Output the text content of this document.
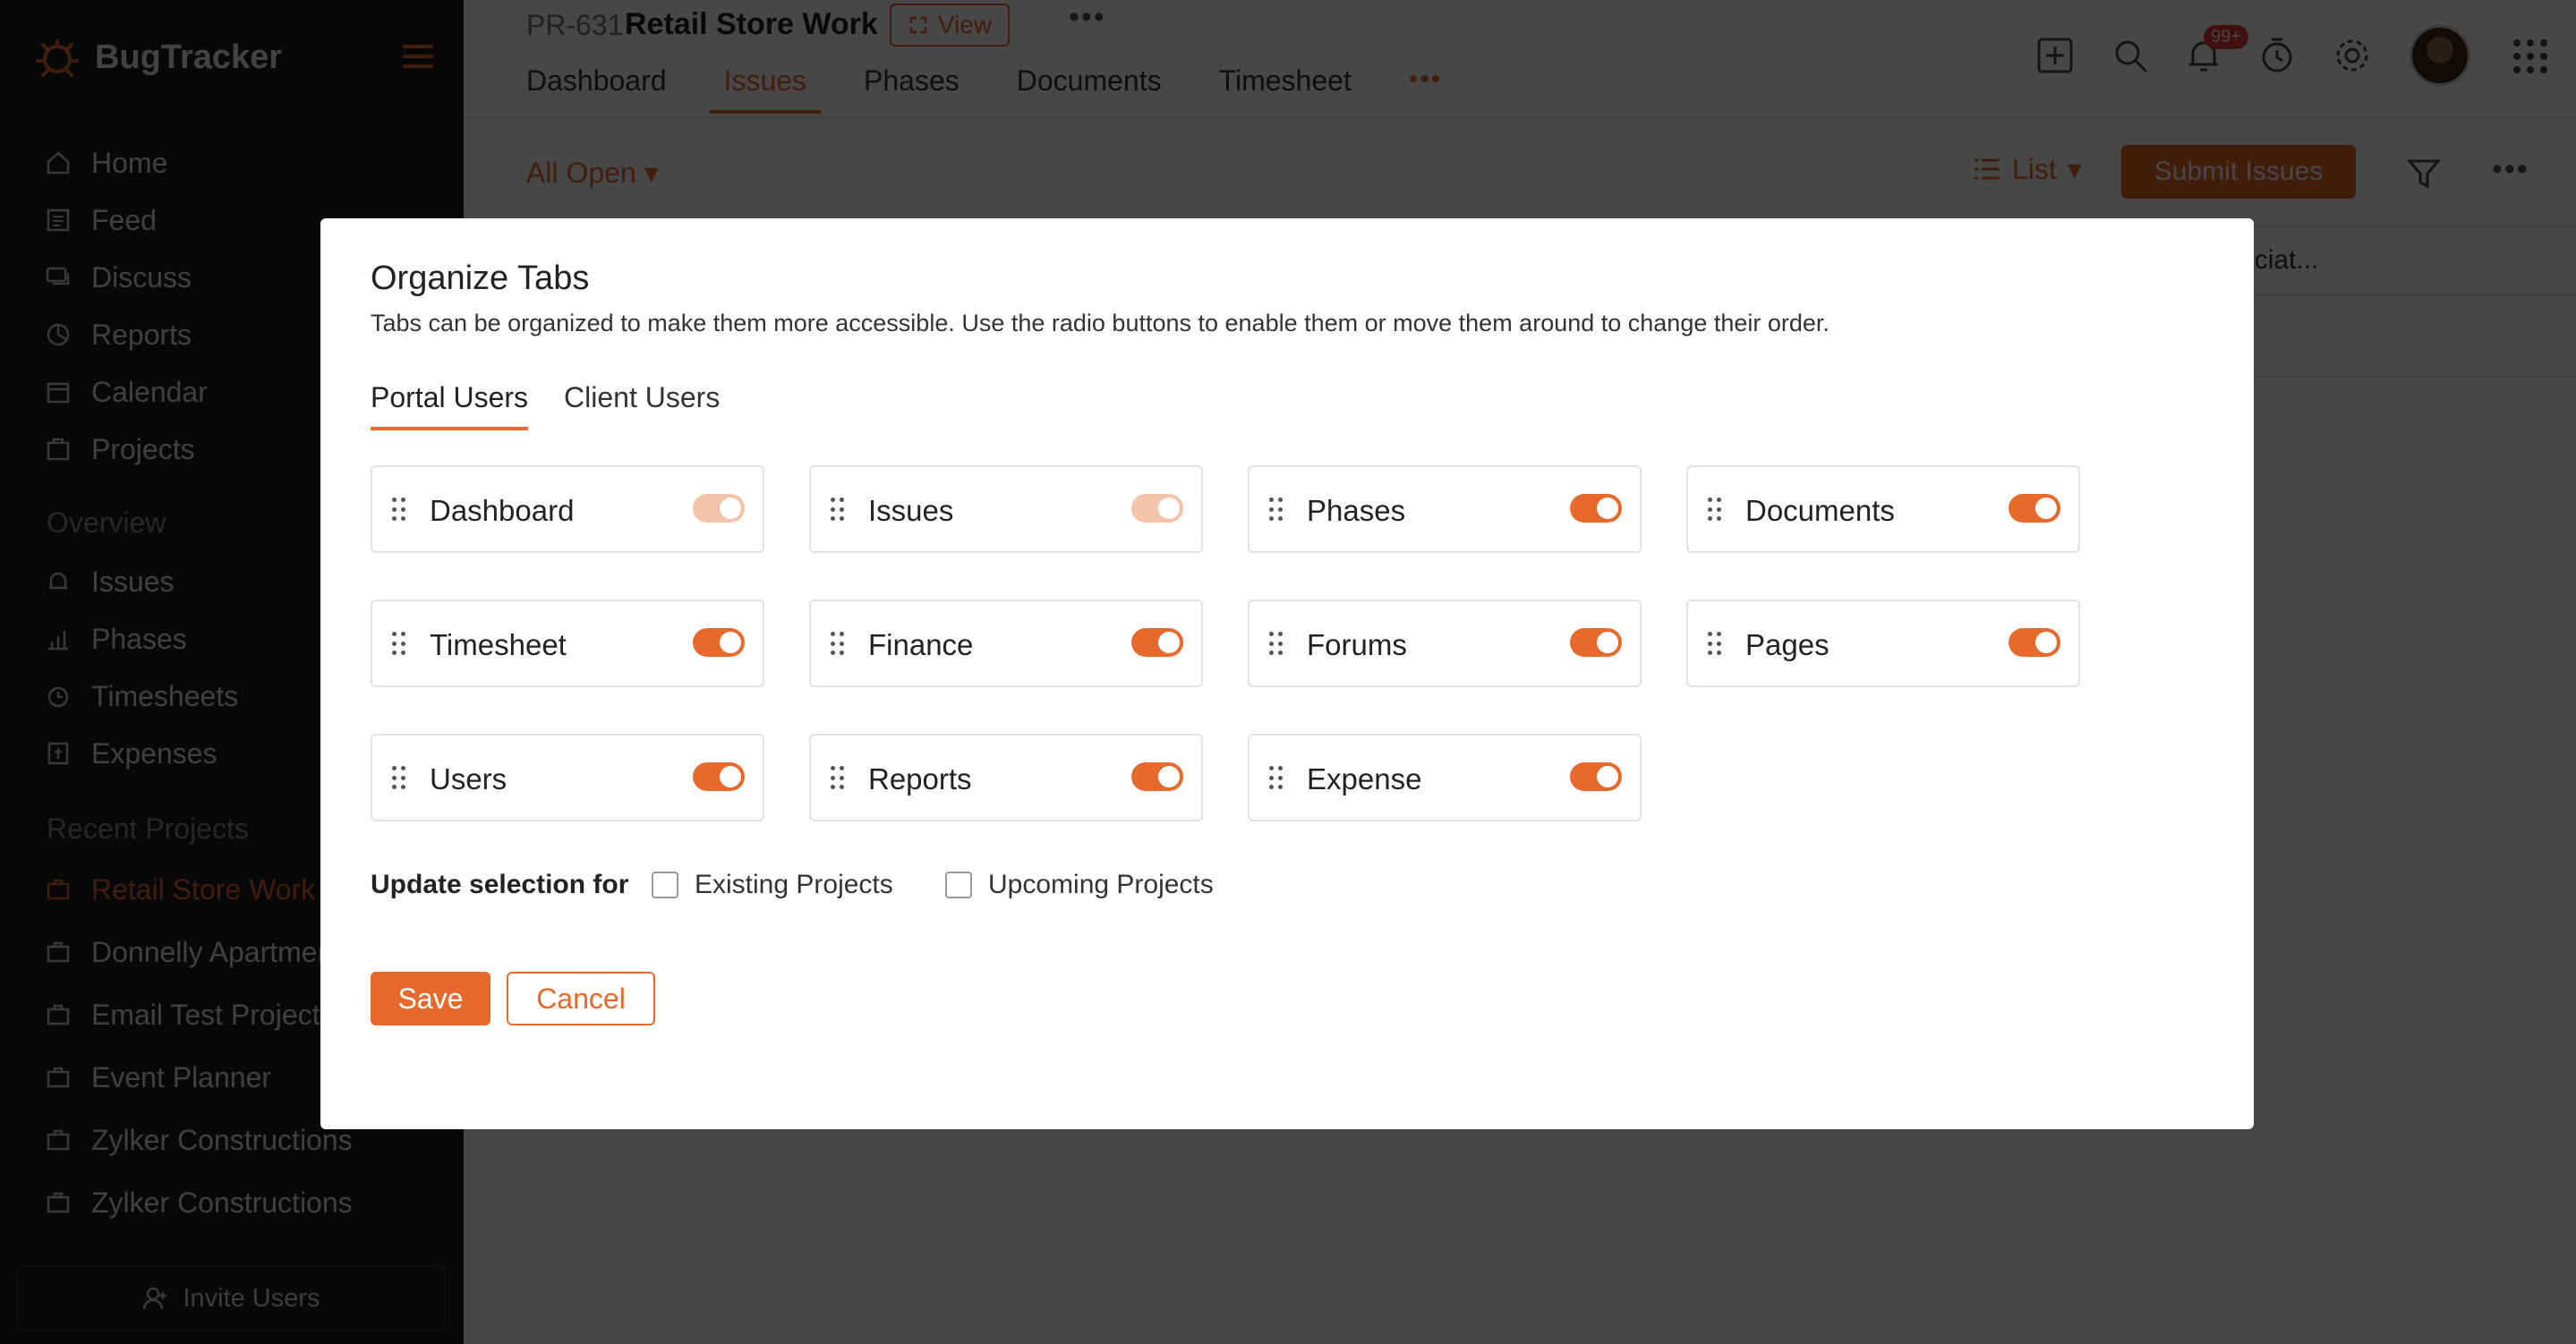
Organize Tabs
Tabs can be organized to make them more accessible. Use the radio buttons to enable them or move them around to change their order.
Portal Users Client Users
Dashboard	Issues	Phases	Documents
Timesheet	Finance	Forums	Pages
Users	Reports	Expense
Update selection for Existing Projects	Upcoming Projects
Save	Cancel
